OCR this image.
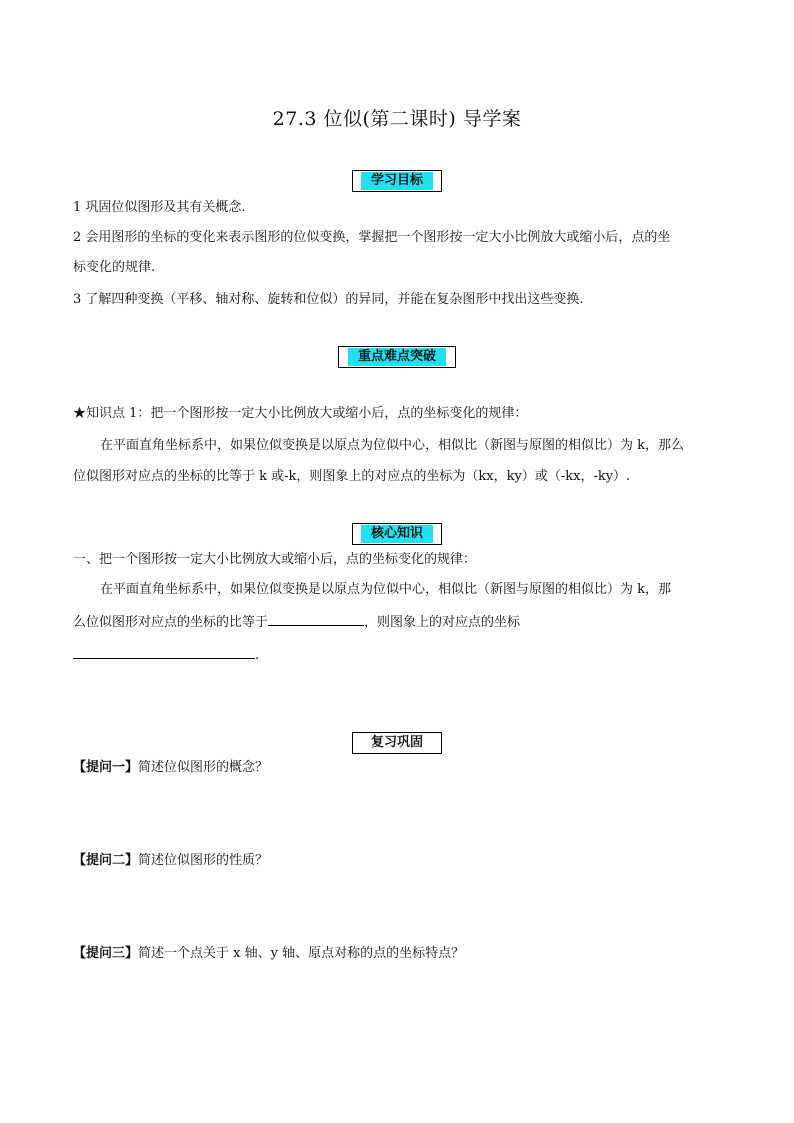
27.3 位似(第二课时) 导学案
学习目标
1 巩固位似图形及其有关概念.
2 会用图形的坐标的变化来表示图形的位似变换，掌握把一个图形按一定大小比例放大或缩小后，点的坐
标变化的规律.
3 了解四种变换（平移、轴对称、旋转和位似）的异同，并能在复杂图形中找出这些变换.
重点难点突破
★知识点 1：把一个图形按一定大小比例放大或缩小后，点的坐标变化的规律：
在平面直角坐标系中，如果位似变换是以原点为位似中心，相似比（新图与原图的相似比）为 k，那么
位似图形对应点的坐标的比等于 k 或-k，则图象上的对应点的坐标为（kx，ky）或（-kx，-ky）.
核心知识
一、把一个图形按一定大小比例放大或缩小后，点的坐标变化的规律：
在平面直角坐标系中，如果位似变换是以原点为位似中心，相似比（新图与原图的相似比）为 k，那
么位似图形对应点的坐标的比等于	，则图象上的对应点的坐标
.
复习巩固
【提问一】简述位似图形的概念？
【提问二】简述位似图形的性质？
【提问三】简述一个点关于 x 轴、y 轴、原点对称的点的坐标特点？
